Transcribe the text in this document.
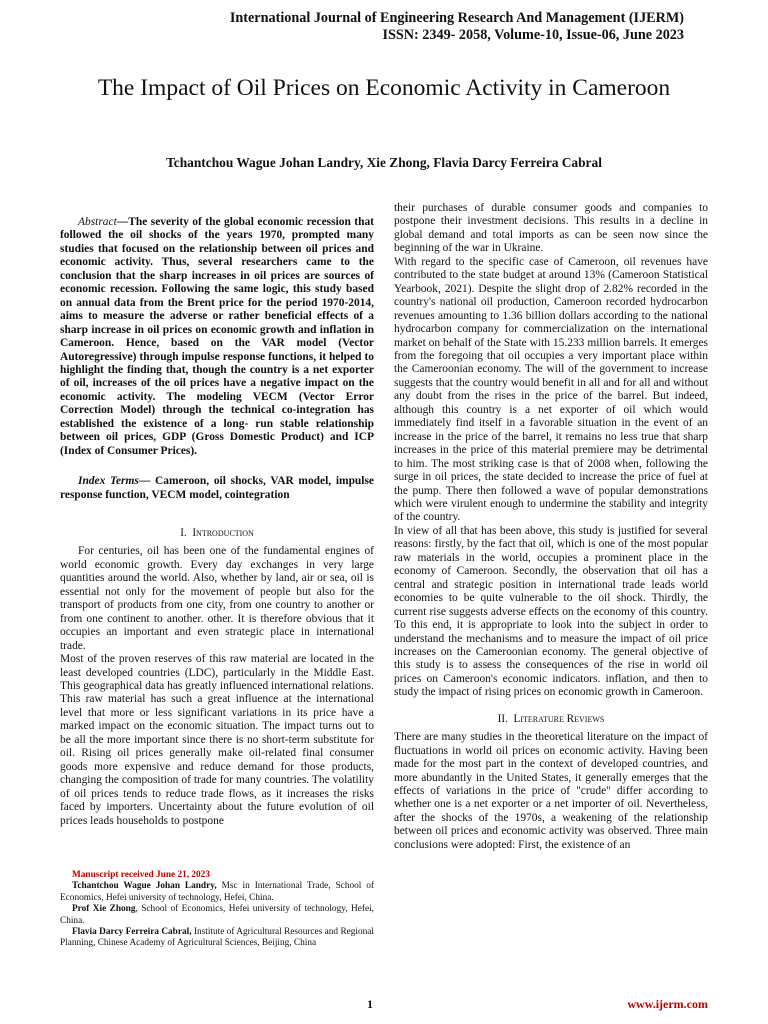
International Journal of Engineering Research And Management (IJERM)
ISSN: 2349- 2058, Volume-10, Issue-06, June 2023
The Impact of Oil Prices on Economic Activity in Cameroon
Tchantchou Wague Johan Landry, Xie Zhong, Flavia Darcy Ferreira Cabral

Abstract—The severity of the global economic recession that followed the oil shocks of the years 1970, prompted many studies that focused on the relationship between oil prices and economic activity. Thus, several researchers came to the conclusion that the sharp increases in oil prices are sources of economic recession. Following the same logic, this study based on annual data from the Brent price for the period 1970-2014, aims to measure the adverse or rather beneficial effects of a sharp increase in oil prices on economic growth and inflation in Cameroon. Hence, based on the VAR model (Vector Autoregressive) through impulse response functions, it helped to highlight the finding that, though the country is a net exporter of oil, increases of the oil prices have a negative impact on the economic activity. The modeling VECM (Vector Error Correction Model) through the technical co-integration has established the existence of a long- run stable relationship between oil prices, GDP (Gross Domestic Product) and ICP (Index of Consumer Prices).

Index Terms— Cameroon, oil shocks, VAR model, impulse response function, VECM model, cointegration

I. Introduction

For centuries, oil has been one of the fundamental engines of world economic growth. Every day exchanges in very large quantities around the world. Also, whether by land, air or sea, oil is essential not only for the movement of people but also for the transport of products from one city, from one country to another or from one continent to another. other. It is therefore obvious that it occupies an important and even strategic place in international trade.

Most of the proven reserves of this raw material are located in the least developed countries (LDC), particularly in the Middle East. This geographical data has greatly influenced international relations. This raw material has such a great influence at the international level that more or less significant variations in its price have a marked impact on the economic situation. The impact turns out to be all the more important since there is no short-term substitute for oil. Rising oil prices generally make oil-related final consumer goods more expensive and reduce demand for those products, changing the composition of trade for many countries. The volatility of oil prices tends to reduce trade flows, as it increases the risks faced by importers. Uncertainty about the future evolution of oil prices leads households to postpone

Manuscript received June 21, 2023

Tchantchou Wague Johan Landry, Msc in International Trade, School of Economics, Hefei university of technology, Hefei, China.

Prof Xie Zhong, School of Economics, Hefei university of technology, Hefei, China.

Flavia Darcy Ferreira Cabral, Institute of Agricultural Resources and Regional Planning, Chinese Academy of Agricultural Sciences, Beijing, China

their purchases of durable consumer goods and companies to postpone their investment decisions. This results in a decline in global demand and total imports as can be seen now since the beginning of the war in Ukraine.

With regard to the specific case of Cameroon, oil revenues have contributed to the state budget at around 13% (Cameroon Statistical Yearbook, 2021). Despite the slight drop of 2.82% recorded in the country's national oil production, Cameroon recorded hydrocarbon revenues amounting to 1.36 billion dollars according to the national hydrocarbon company for commercialization on the international market on behalf of the State with 15.233 million barrels. It emerges from the foregoing that oil occupies a very important place within the Cameroonian economy. The will of the government to increase suggests that the country would benefit in all and for all and without any doubt from the rises in the price of the barrel. But indeed, although this country is a net exporter of oil which would immediately find itself in a favorable situation in the event of an increase in the price of the barrel, it remains no less true that sharp increases in the price of this material premiere may be detrimental to him. The most striking case is that of 2008 when, following the surge in oil prices, the state decided to increase the price of fuel at the pump. There then followed a wave of popular demonstrations which were virulent enough to undermine the stability and integrity of the country.

In view of all that has been above, this study is justified for several reasons: firstly, by the fact that oil, which is one of the most popular raw materials in the world, occupies a prominent place in the economy of Cameroon. Secondly, the observation that oil has a central and strategic position in international trade leads world economies to be quite vulnerable to the oil shock. Thirdly, the current rise suggests adverse effects on the economy of this country. To this end, it is appropriate to look into the subject in order to understand the mechanisms and to measure the impact of oil price increases on the Cameroonian economy. The general objective of this study is to assess the consequences of the rise in world oil prices on Cameroon's economic indicators. inflation, and then to study the impact of rising prices on economic growth in Cameroon.

II. Literature Reviews

There are many studies in the theoretical literature on the impact of fluctuations in world oil prices on economic activity. Having been made for the most part in the context of developed countries, and more abundantly in the United States, it generally emerges that the effects of variations in the price of "crude" differ according to whether one is a net exporter or a net importer of oil. Nevertheless, after the shocks of the 1970s, a weakening of the relationship between oil prices and economic activity was observed. Three main conclusions were adopted: First, the existence of an

1	www.ijerm.com
